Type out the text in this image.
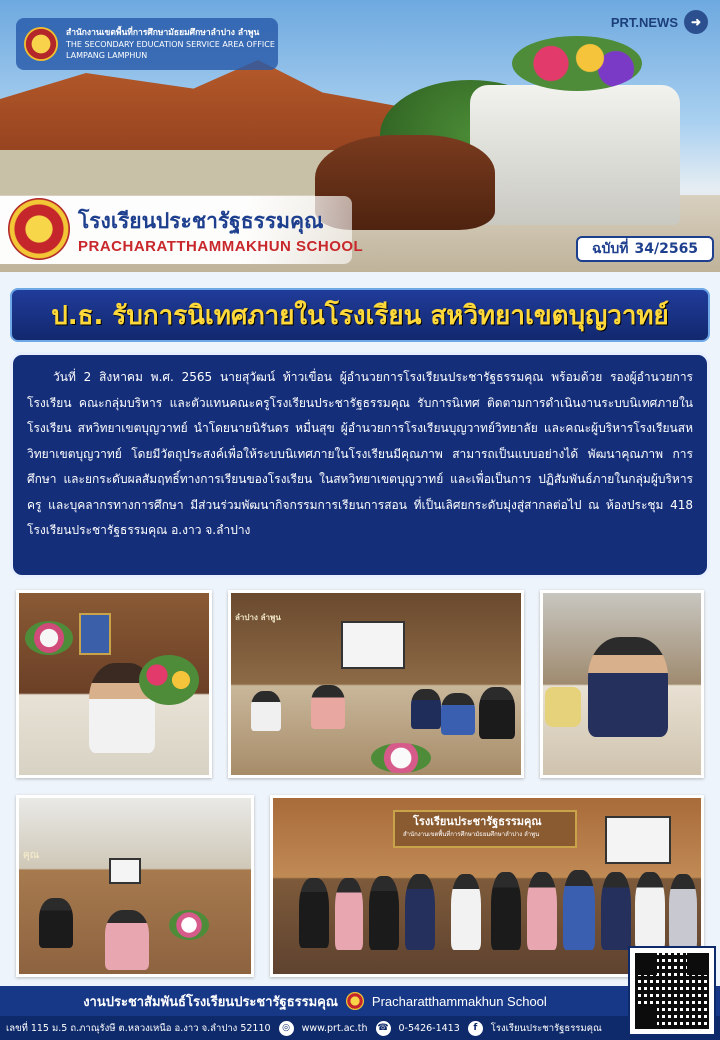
สำนักงานเขตพื้นที่การศึกษามัธยมศึกษาลำปาง ลำพูน
THE SECONDARY EDUCATION SERVICE AREA OFFICE
LAMPANG LAMPHUN
PRT.NEWS	➜
โรงเรียนประชารัฐธรรมคุณ
PRACHARATTHAMMAKHUN SCHOOL	ฉบับที่ 34/2565
ป.ธ. รับการนิเทศภายในโรงเรียน สหวิทยาเขตบุญวาทย์

วันที่ 2 สิงหาคม พ.ศ. 2565 นายสุวัฒน์ ท้าวเขื่อน ผู้อำนวยการโรงเรียนประชารัฐธรรมคุณ พร้อมด้วย รองผู้อำนวยการโรงเรียน คณะกลุ่มบริหาร และตัวแทนคณะครูโรงเรียนประชารัฐธรรมคุณ รับการนิเทศ ติดตามการดำเนินงานระบบนิเทศภายในโรงเรียน สหวิทยาเขตบุญวาทย์ นำโดยนายนิรันดร หมื่นสุข ผู้อำนวยการโรงเรียนบุญวาทย์วิทยาลัย และคณะผู้บริหารโรงเรียนสหวิทยาเขตบุญวาทย์ โดยมีวัตถุประสงค์เพื่อให้ระบบนิเทศภายในโรงเรียนมีคุณภาพ สามารถเป็นแบบอย่างได้ พัฒนาคุณภาพ การศึกษา และยกระดับผลสัมฤทธิ์ทางการเรียนของโรงเรียน ในสหวิทยาเขตบุญวาทย์ และเพื่อเป็นการ ปฏิสัมพันธ์ภายในกลุ่มผู้บริหาร ครู และบุคลากรทางการศึกษา มีส่วนร่วมพัฒนากิจกรรมการเรียนการสอน ที่เป็นเลิศยกระดับมุ่งสู่สากลต่อไป ณ ห้องประชุม 418 โรงเรียนประชารัฐธรรมคุณ อ.งาว จ.ลำปาง

ลำปาง ลำพูน
คุณ
โรงเรียนประชารัฐธรรมคุณ
สำนักงานเขตพื้นที่การศึกษามัธยมศึกษาลำปาง ลำพูน
งานประชาสัมพันธ์โรงเรียนประชารัฐธรรมคุณ	Pracharatthammakhun School
เลขที่ 115 ม.5 ถ.ภาณุรังษี ต.หลวงเหนือ อ.งาว จ.ลำปาง 52110	◎	www.prt.ac.th ☎ 0-5426-1413	f	โรงเรียนประชารัฐธรรมคุณ
